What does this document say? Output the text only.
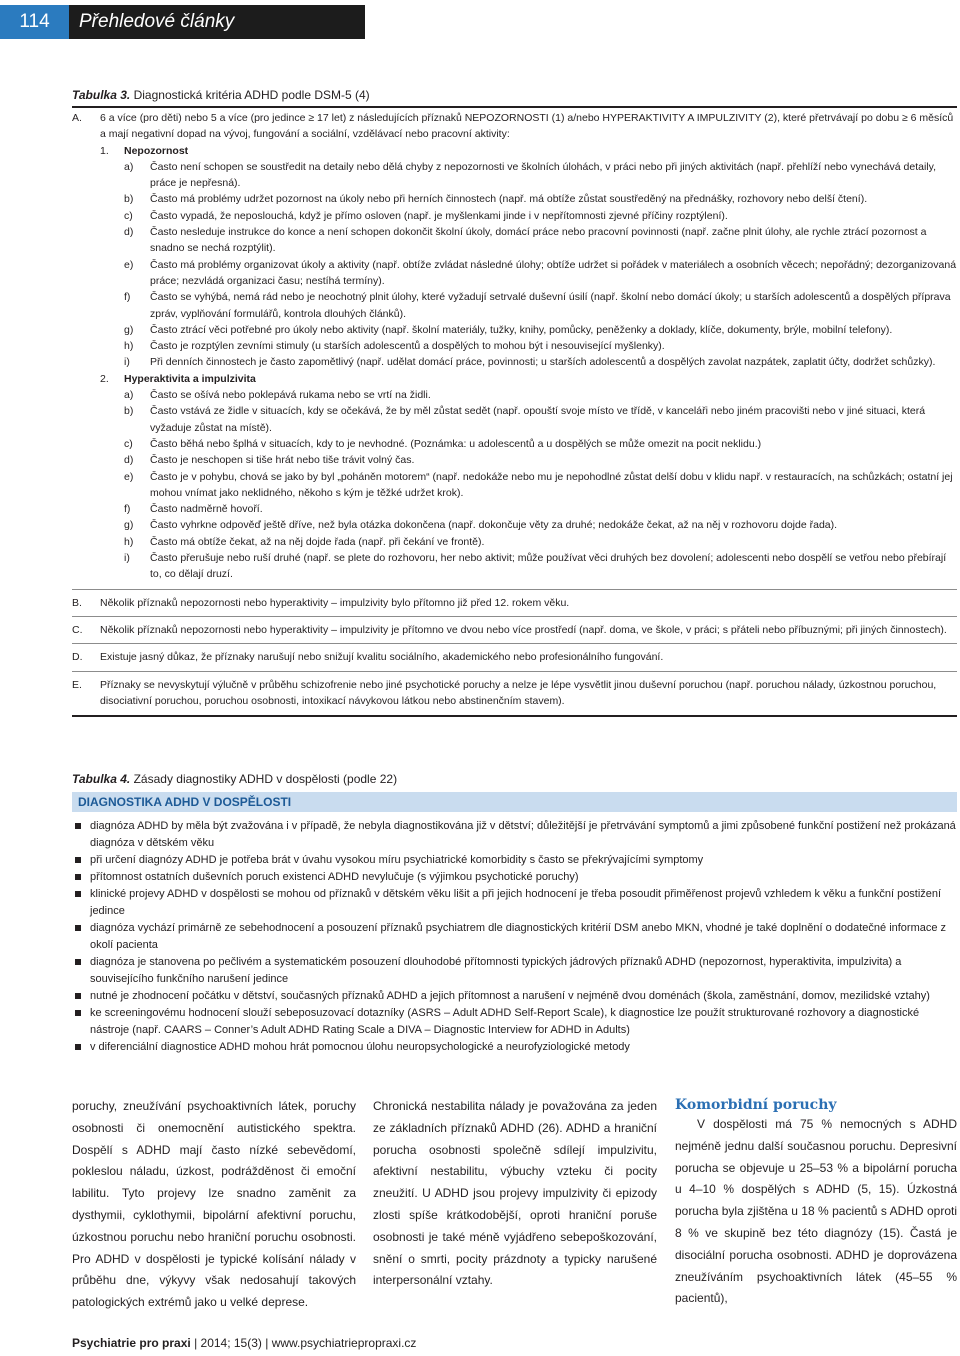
114	Přehledové články
Tabulka 3. Diagnostická kritéria ADHD podle DSM-5 (4)
A.	6 a více (pro děti) nebo 5 a více (pro jedince ≥ 17 let) z následujících příznaků NEPOZORNOSTI (1) a/nebo HYPERAKTIVITY A IMPULZIVITY (2), které přetrvávají po dobu ≥ 6 měsíců a mají negativní dopad na vývoj, fungování a sociální, vzdělávací nebo pracovní aktivity:
1.	Nepozornost
a)	Často není schopen se soustředit na detaily nebo dělá chyby z nepozornosti ve školních úlohách, v práci nebo při jiných aktivitách (např. přehlíží nebo vynechává detaily, práce je nepřesná).
b)	Často má problémy udržet pozornost na úkoly nebo při herních činnostech (např. má obtíže zůstat soustředěný na přednášky, rozhovory nebo delší čtení).
c)	Často vypadá, že neposlouchá, když je přímo osloven (např. je myšlenkami jinde i v nepřítomnosti zjevné příčiny rozptýlení).
d)	Často nesleduje instrukce do konce a není schopen dokončit školní úkoly, domácí práce nebo pracovní povinnosti (např. začne plnit úlohy, ale rychle ztrácí pozornost a snadno se nechá rozptýlit).
e)	Často má problémy organizovat úkoly a aktivity (např. obtíže zvládat následné úlohy; obtíže udržet si pořádek v materiálech a osobních věcech; nepořádný; dezorganizovaná práce; nezvládá organizaci času; nestíhá termíny).
f)	Často se vyhýbá, nemá rád nebo je neochotný plnit úlohy, které vyžadují setrvalé duševní úsilí (např. školní nebo domácí úkoly; u starších adolescentů a dospělých příprava zpráv, vyplňování formulářů, kontrola dlouhých článků).
g)	Často ztrácí věci potřebné pro úkoly nebo aktivity (např. školní materiály, tužky, knihy, pomůcky, peněženky a doklady, klíče, dokumenty, brýle, mobilní telefony).
h)	Často je rozptýlen zevními stimuly (u starších adolescentů a dospělých to mohou být i nesouvisející myšlenky).
i)	Při denních činnostech je často zapomětlivý (např. udělat domácí práce, povinnosti; u starších adolescentů a dospělých zavolat nazpátek, zaplatit účty, dodržet schůzky).
2.	Hyperaktivita a impulzivita
a)	Často se ošívá nebo poklepává rukama nebo se vrtí na židli.
b)	Často vstává ze židle v situacích, kdy se očekává, že by měl zůstat sedět (např. opouští svoje místo ve třídě, v kanceláři nebo jiném pracovišti nebo v jiné situaci, která vyžaduje zůstat na místě).
c)	Často běhá nebo šplhá v situacích, kdy to je nevhodné. (Poznámka: u adolescentů a u dospělých se může omezit na pocit neklidu.)
d)	Často je neschopen si tiše hrát nebo tiše trávit volný čas.
e)	Často je v pohybu, chová se jako by byl „poháněn motorem“ (např. nedokáže nebo mu je nepohodlné zůstat delší dobu v klidu např. v restauracích, na schůzkách; ostatní jej mohou vnímat jako neklidného, někoho s kým je těžké udržet krok).
f)	Často nadměrně hovoří.
g)	Často vyhrkne odpověď ještě dříve, než byla otázka dokončena (např. dokončuje věty za druhé; nedokáže čekat, až na něj v rozhovoru dojde řada).
h)	Často má obtíže čekat, až na něj dojde řada (např. při čekání ve frontě).
i)	Často přerušuje nebo ruší druhé (např. se plete do rozhovoru, her nebo aktivit; může používat věci druhých bez dovolení; adolescenti nebo dospělí se vetřou nebo přebírají to, co dělají druzí.
B.	Několik příznaků nepozornosti nebo hyperaktivity – impulzivity bylo přítomno již před 12. rokem věku.
C.	Několik příznaků nepozornosti nebo hyperaktivity – impulzivity je přítomno ve dvou nebo více prostředí (např. doma, ve škole, v práci; s přáteli nebo příbuznými; při jiných činnostech).
D.	Existuje jasný důkaz, že příznaky narušují nebo snižují kvalitu sociálního, akademického nebo profesionálního fungování.
E.	Příznaky se nevyskytují výlučně v průběhu schizofrenie nebo jiné psychotické poruchy a nelze je lépe vysvětlit jinou duševní poruchou (např. poruchou nálady, úzkostnou poruchou, disociativní poruchou, poruchou osobnosti, intoxikací návykovou látkou nebo abstinenčním stavem).
Tabulka 4. Zásady diagnostiky ADHD v dospělosti (podle 22)
DIAGNOSTIKA ADHD V DOSPĚLOSTI
diagnóza ADHD by měla být zvažována i v případě, že nebyla diagnostikována již v dětství; důležitější je přetrvávání symptomů a jimi způsobené funkční postižení než prokázaná diagnóza v dětském věku
při určení diagnózy ADHD je potřeba brát v úvahu vysokou míru psychiatrické komorbidity s často se překrývajícími symptomy
přítomnost ostatních duševních poruch existenci ADHD nevylučuje (s výjimkou psychotické poruchy)
klinické projevy ADHD v dospělosti se mohou od příznaků v dětském věku lišit a při jejich hodnocení je třeba posoudit přiměřenost projevů vzhledem k věku a funkční postižení jedince
diagnóza vychází primárně ze sebehodnocení a posouzení příznaků psychiatrem dle diagnostických kritérií DSM anebo MKN, vhodné je také doplnění o dodatečné informace z okolí pacienta
diagnóza je stanovena po pečlivém a systematickém posouzení dlouhodobé přítomnosti typických jádrových příznaků ADHD (nepozornost, hyperaktivita, impulzivita) a souvisejícího funkčního narušení jedince
nutné je zhodnocení počátku v dětství, současných příznaků ADHD a jejich přítomnost a narušení v nejméně dvou doménách (škola, zaměstnání, domov, mezilidské vztahy)
ke screeningovému hodnocení slouží sebeposuzovací dotazníky (ASRS – Adult ADHD Self-Report Scale), k diagnostice lze použít strukturované rozhovory a diagnostické nástroje (např. CAARS – Conner’s Adult ADHD Rating Scale a DIVA – Diagnostic Interview for ADHD in Adults)
v diferenciální diagnostice ADHD mohou hrát pomocnou úlohu neuropsychologické a neurofyziologické metody

poruchy, zneužívání psychoaktivních látek, poruchy osobnosti či onemocnění autistického spektra. Dospělí s ADHD mají často nízké sebevědomí, pokleslou náladu, úzkost, podrážděnost či emoční labilitu. Tyto projevy lze snadno zaměnit za dysthymii, cyklothymii, bipolární afektivní poruchu, úzkostnou poruchu nebo hraniční poruchu osobnosti. Pro ADHD v dospělosti je typické kolísání nálady v průběhu dne, výkyvy však nedosahují takových patologických extrémů jako u velké deprese.

Chronická nestabilita nálady je považována za jeden ze základních příznaků ADHD (26). ADHD a hraniční porucha osobnosti společně sdílejí impulzivitu, afektivní nestabilitu, výbuchy vzteku či pocity zneužití. U ADHD jsou projevy impulzivity či epizody zlosti spíše krátkodobější, oproti hraniční poruše osobnosti je také méně vyjádřeno sebepoškozování, snění o smrti, pocity prázdnoty a typicky narušené interpersonální vztahy.

Komorbidní poruchy

V dospělosti má 75 % nemocných s ADHD nejméně jednu další současnou poruchu. Depresivní porucha se objevuje u 25–53 % a bipolární porucha u 4–10 % dospělých s ADHD (5, 15). Úzkostná porucha byla zjištěna u 18 % pacientů s ADHD oproti 8 % ve skupině bez této diagnózy (15). Častá je disociální porucha osobnosti. ADHD je doprovázena zneužíváním psychoaktivních látek (45–55 % pacientů),

Psychiatrie pro praxi | 2014; 15(3) | www.psychiatriepropraxi.cz
